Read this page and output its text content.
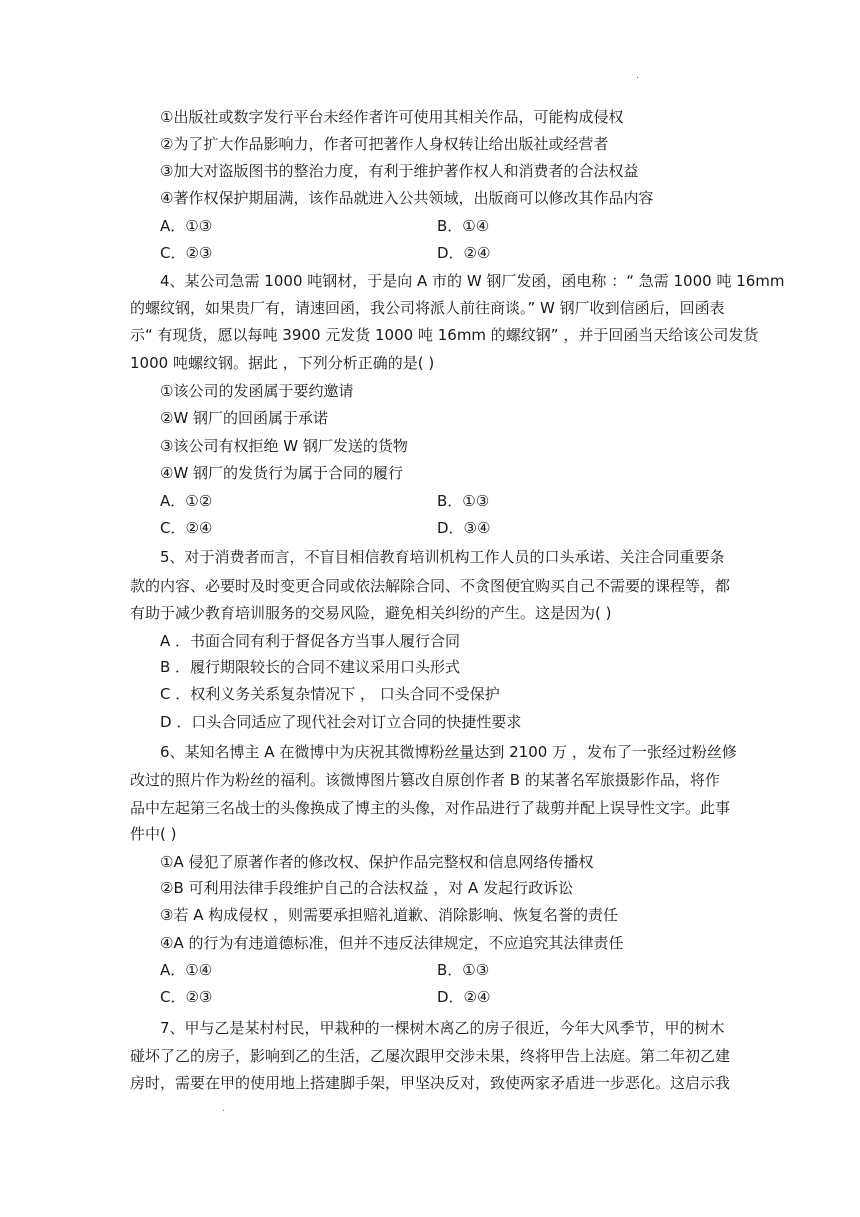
.
①出版社或数字发行平台未经作者许可使用其相关作品，可能构成侵权
②为了扩大作品影响力，作者可把著作人身权转让给出版社或经营者
③加大对盗版图书的整治力度，有利于维护著作权人和消费者的合法权益
④著作权保护期届满，该作品就进入公共领域，出版商可以修改其作品内容
A．①③	B．①④
C．②③	D．②④
4、某公司急需 1000 吨钢材，于是向 A 市的 W 钢厂发函，函电称 ：“ 急需 1000 吨 16mm
的螺纹钢，如果贵厂有，请速回函，我公司将派人前往商谈。” W 钢厂收到信函后，回函表
示“ 有现货，愿以每吨 3900 元发货 1000 吨 16mm 的螺纹钢” ，并于回函当天给该公司发货
1000 吨螺纹钢。据此 ，下列分析正确的是( )
①该公司的发函属于要约邀请
②W 钢厂的回函属于承诺
③该公司有权拒绝 W 钢厂发送的货物
④W 钢厂的发货行为属于合同的履行
A．①②	B．①③
C．②④	D．③④
5、对于消费者而言，不盲目相信教育培训机构工作人员的口头承诺、关注合同重要条
款的内容、必要时及时变更合同或依法解除合同、不贪图便宜购买自己不需要的课程等，都
有助于减少教育培训服务的交易风险，避免相关纠纷的产生。这是因为( )
A ．书面合同有利于督促各方当事人履行合同
B ．履行期限较长的合同不建议采用口头形式
C ．权利义务关系复杂情况下 ， 口头合同不受保护
D ．口头合同适应了现代社会对订立合同的快捷性要求
6、某知名博主 A 在微博中为庆祝其微博粉丝量达到 2100 万 ，发布了一张经过粉丝修
改过的照片作为粉丝的福利。该微博图片篡改自原创作者 B 的某著名军旅摄影作品，将作
品中左起第三名战士的头像换成了博主的头像，对作品进行了裁剪并配上误导性文字。此事
件中( )
①A 侵犯了原著作者的修改权、保护作品完整权和信息网络传播权
②B 可利用法律手段维护自己的合法权益 ，对 A 发起行政诉讼
③若 A 构成侵权 ，则需要承担赔礼道歉、消除影响、恢复名誉的责任
④A 的行为有违道德标准，但并不违反法律规定，不应追究其法律责任
A．①④	B．①③
C．②③	D．②④
7、甲与乙是某村村民，甲栽种的一棵树木离乙的房子很近，今年大风季节，甲的树木
碰坏了乙的房子，影响到乙的生活，乙屡次跟甲交涉未果，终将甲告上法庭。第二年初乙建
房时，需要在甲的使用地上搭建脚手架，甲坚决反对，致使两家矛盾进一步恶化。这启示我
.
